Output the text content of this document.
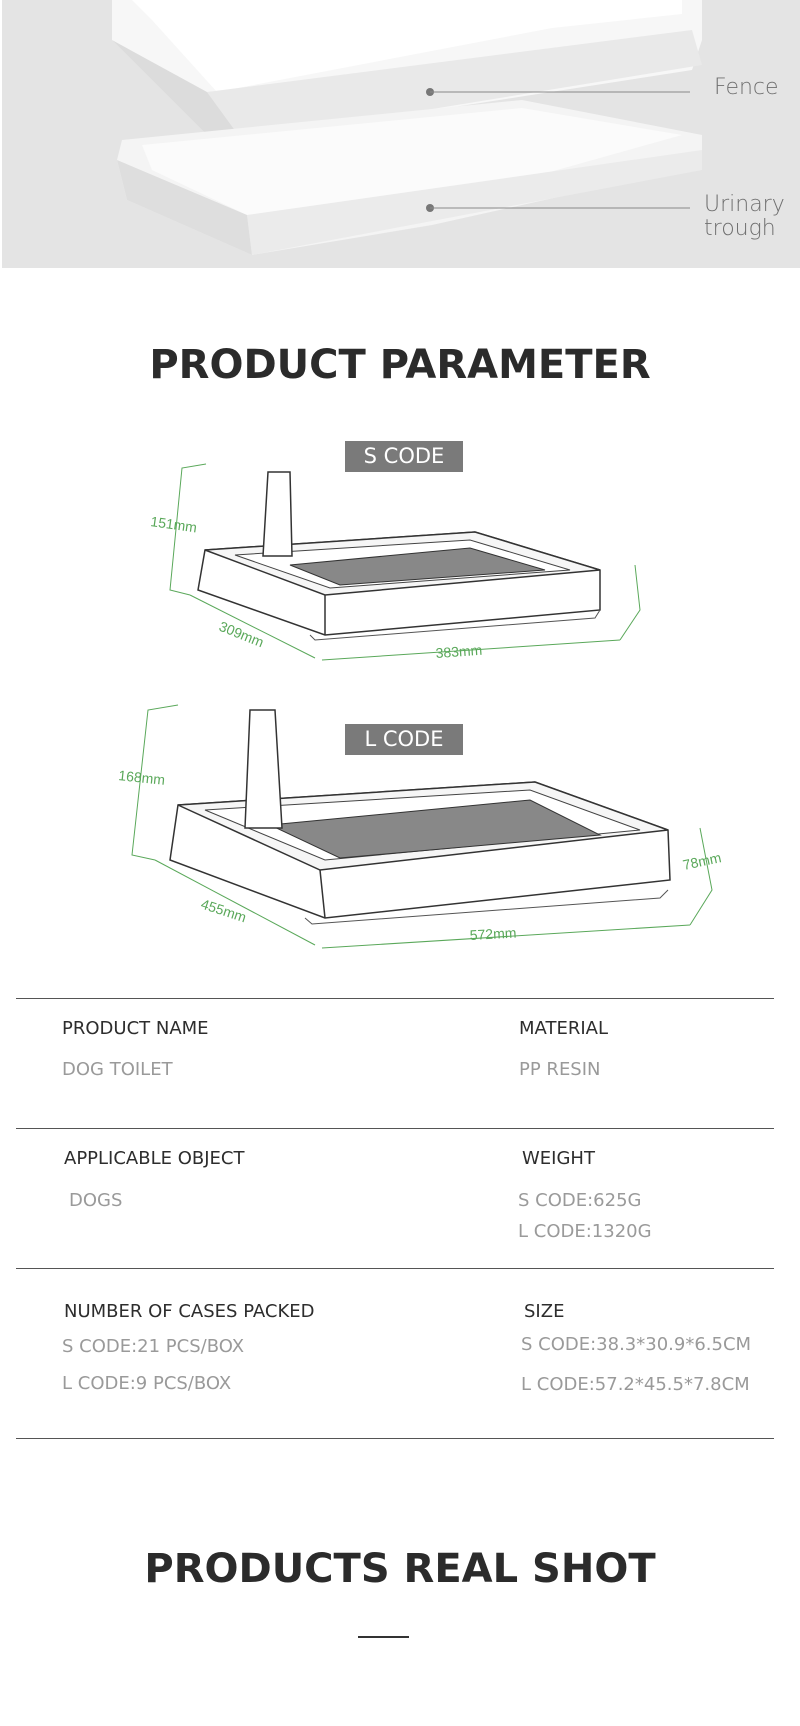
Fence
Urinary
trough
PRODUCT PARAMETER
S CODE
151mm
309mm
383mm
L CODE
168mm
455mm
572mm
78mm
PRODUCT NAME
DOG TOILET
MATERIAL
PP RESIN
APPLICABLE OBJECT
DOGS
WEIGHT
S CODE:625G
L CODE:1320G
NUMBER OF CASES PACKED
S CODE:21 PCS/BOX
L CODE:9 PCS/BOX
SIZE
S CODE:38.3*30.9*6.5CM
L CODE:57.2*45.5*7.8CM
PRODUCTS REAL SHOT
